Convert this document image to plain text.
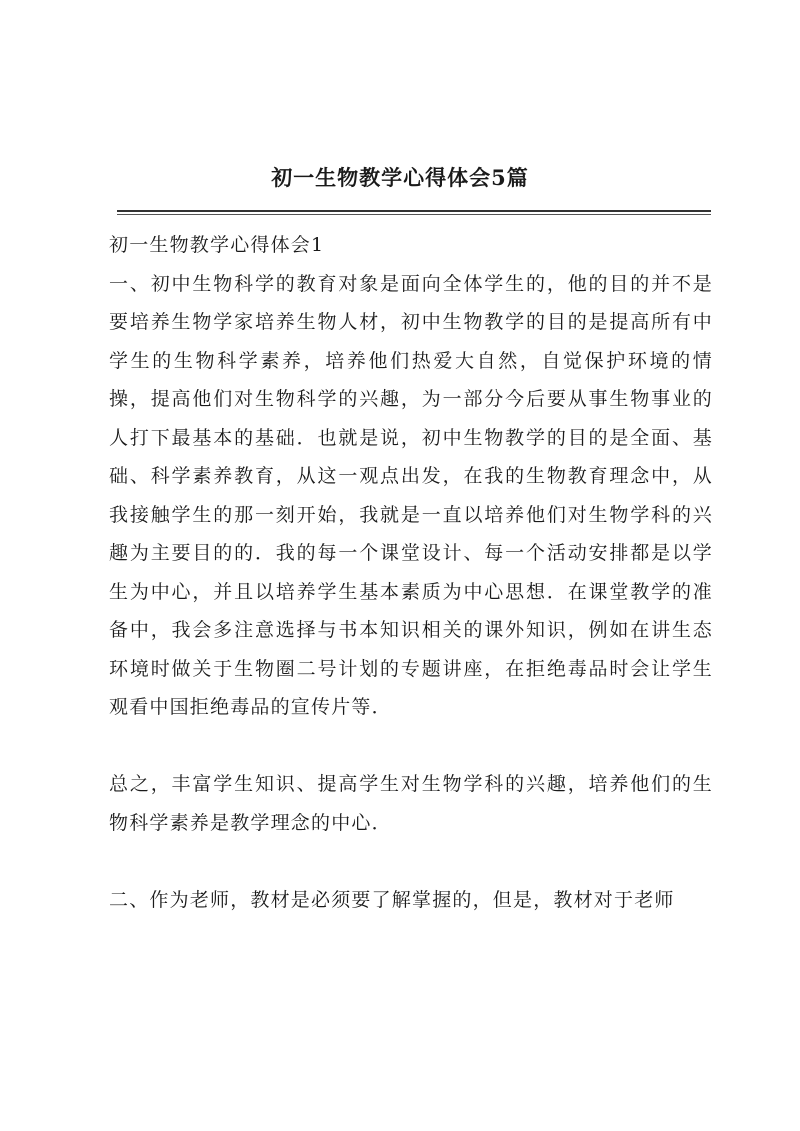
初一生物教学心得体会5篇

初一生物教学心得体会1

一、初中生物科学的教育对象是面向全体学生的，他的目的并不是要培养生物学家培养生物人材，初中生物教学的目的是提高所有中学生的生物科学素养，培养他们热爱大自然，自觉保护环境的情操，提高他们对生物科学的兴趣，为一部分今后要从事生物事业的人打下最基本的基础．也就是说，初中生物教学的目的是全面、基础、科学素养教育，从这一观点出发，在我的生物教育理念中，从我接触学生的那一刻开始，我就是一直以培养他们对生物学科的兴趣为主要目的的．我的每一个课堂设计、每一个活动安排都是以学生为中心，并且以培养学生基本素质为中心思想．在课堂教学的准备中，我会多注意选择与书本知识相关的课外知识，例如在讲生态环境时做关于生物圈二号计划的专题讲座，在拒绝毒品时会让学生观看中国拒绝毒品的宣传片等．

总之，丰富学生知识、提高学生对生物学科的兴趣，培养他们的生物科学素养是教学理念的中心．

二、作为老师，教材是必须要了解掌握的，但是，教材对于老师
